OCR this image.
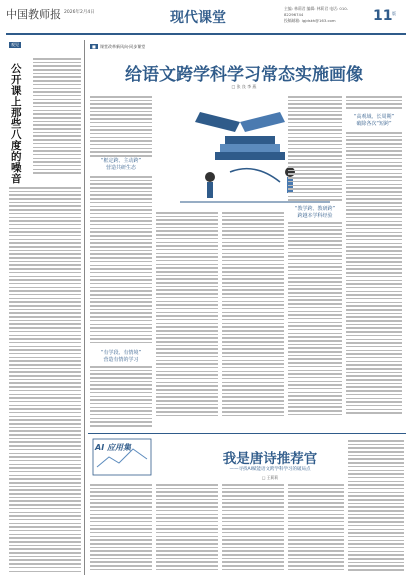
中国教师报 2026年2月4日	现代课堂
主编: 林莉君 编辑: 林莉君 电话: 010-82296744
投稿邮箱: lgjdskh@163.com	11 版
观见
公开课上那些八度的噪音
■	课堂改革新风向·同步课堂
给语文跨学科学习常态实施画像
□ 张 良 李 燕
“框定跨、主动跨”
营造共研生态
“有学段、有情境”
营造有情的学习
“教学跨、教研跨”
跨越本学科经验
“高观域、长周期”
破除各次“短跨”
AI 应用集
我是唐诗推荐官
——寻找AI赋能语文跨学科学习的破局点
□ 王莉莉
